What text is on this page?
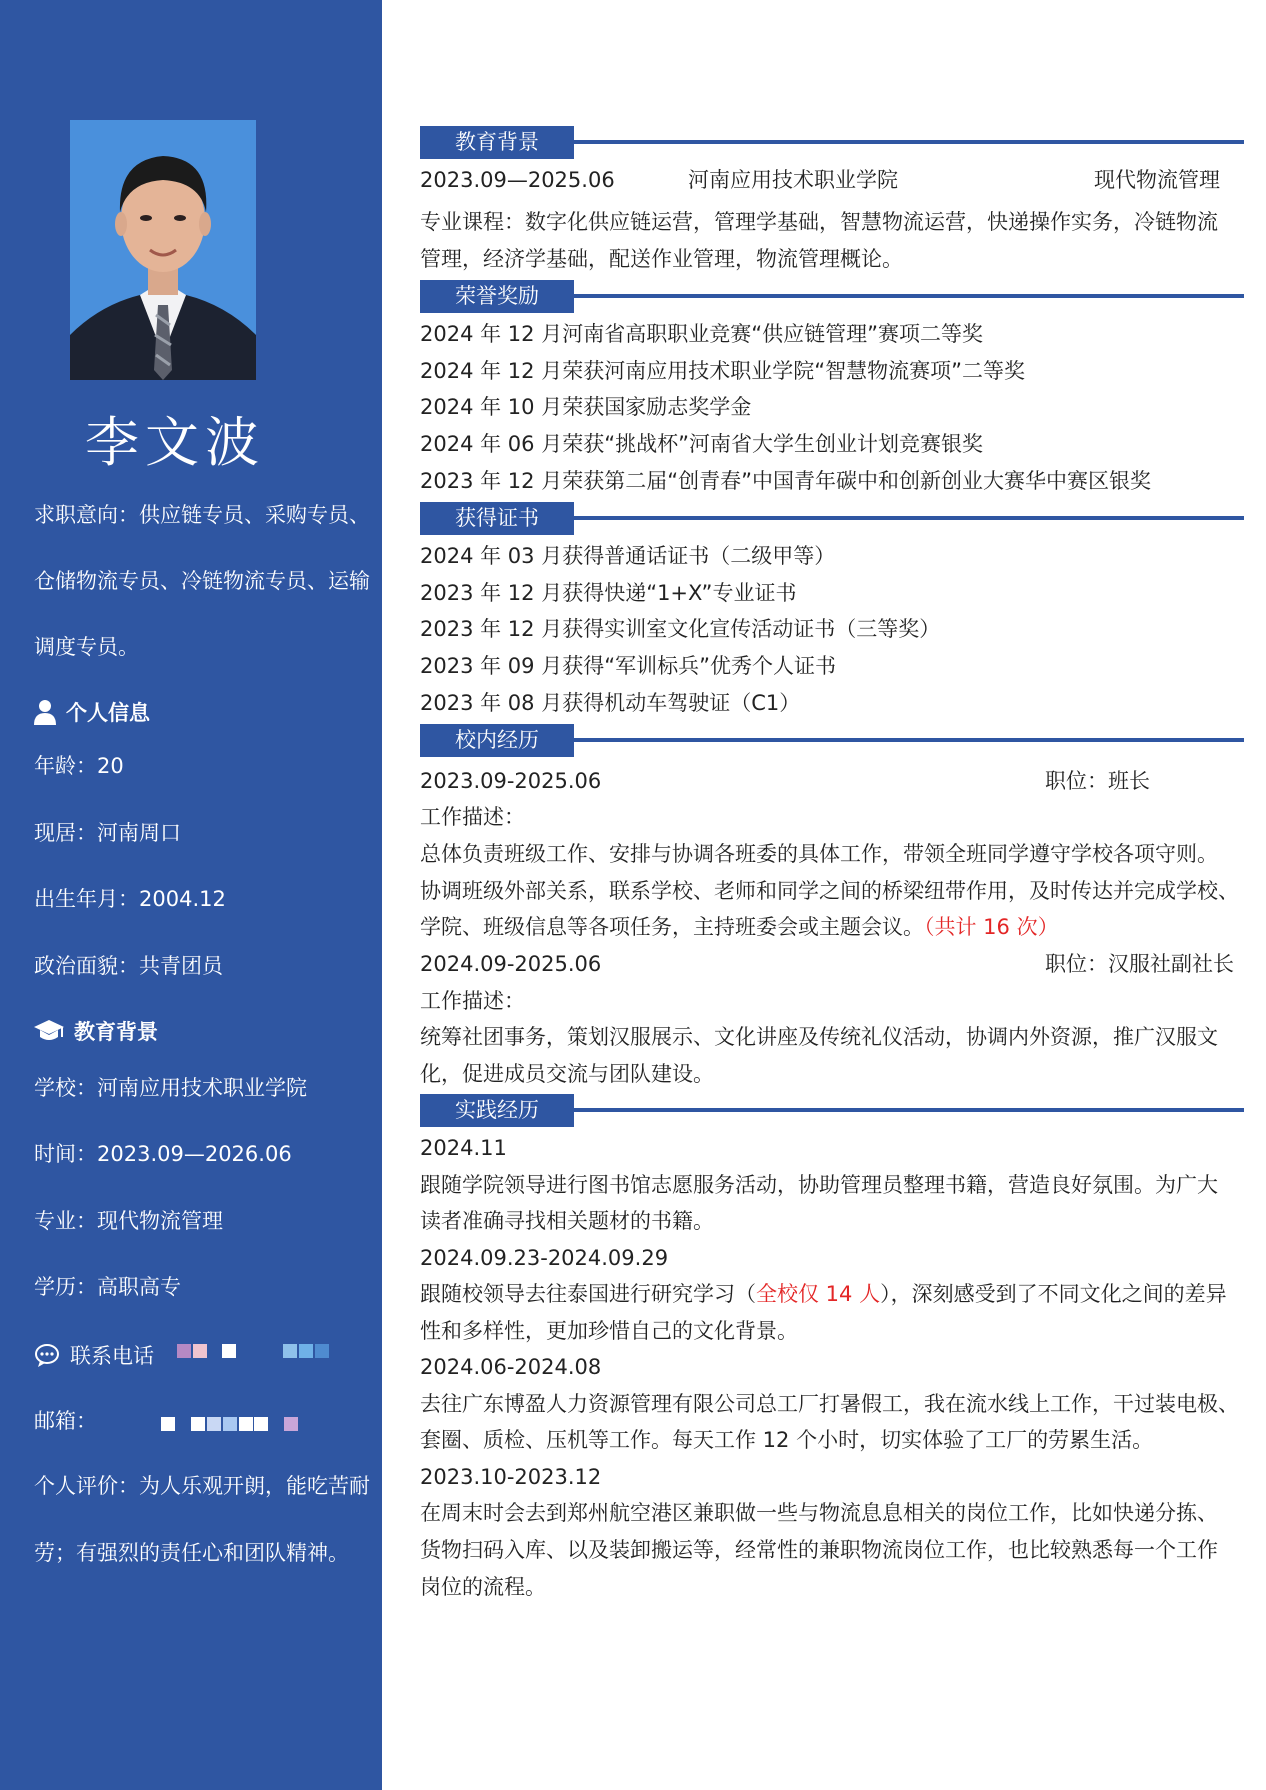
李文波
求职意向：供应链专员、采购专员、
仓储物流专员、冷链物流专员、运输
调度专员。
个人信息
年龄：20
现居：河南周口
出生年月：2004.12
政治面貌：共青团员
教育背景
学校：河南应用技术职业学院
时间：2023.09—2026.06
专业：现代物流管理
学历：高职高专
联系电话
邮箱：
个人评价：为人乐观开朗，能吃苦耐
劳；有强烈的责任心和团队精神。
教育背景
2023.09—2025.06	河南应用技术职业学院	现代物流管理
专业课程：数字化供应链运营，管理学基础，智慧物流运营，快递操作实务，冷链物流
管理，经济学基础，配送作业管理，物流管理概论。
荣誉奖励
2024 年 12 月河南省高职职业竞赛“供应链管理”赛项二等奖
2024 年 12 月荣获河南应用技术职业学院“智慧物流赛项”二等奖
2024 年 10 月荣获国家励志奖学金
2024 年 06 月荣获“挑战杯”河南省大学生创业计划竞赛银奖
2023 年 12 月荣获第二届“创青春”中国青年碳中和创新创业大赛华中赛区银奖
获得证书
2024 年 03 月获得普通话证书（二级甲等）
2023 年 12 月获得快递“1+X”专业证书
2023 年 12 月获得实训室文化宣传活动证书（三等奖）
2023 年 09 月获得“军训标兵”优秀个人证书
2023 年 08 月获得机动车驾驶证（C1）
校内经历
2023.09-2025.06	职位：班长
工作描述：
总体负责班级工作、安排与协调各班委的具体工作，带领全班同学遵守学校各项守则。
协调班级外部关系，联系学校、老师和同学之间的桥梁纽带作用，及时传达并完成学校、
学院、班级信息等各项任务，主持班委会或主题会议。（共计 16 次）
2024.09-2025.06	职位：汉服社副社长
工作描述：
统筹社团事务，策划汉服展示、文化讲座及传统礼仪活动，协调内外资源，推广汉服文
化，促进成员交流与团队建设。
实践经历
2024.11
跟随学院领导进行图书馆志愿服务活动，协助管理员整理书籍，营造良好氛围。为广大
读者准确寻找相关题材的书籍。
2024.09.23-2024.09.29
跟随校领导去往泰国进行研究学习（全校仅 14 人），深刻感受到了不同文化之间的差异
性和多样性，更加珍惜自己的文化背景。
2024.06-2024.08
去往广东博盈人力资源管理有限公司总工厂打暑假工，我在流水线上工作，干过装电极、
套圈、质检、压机等工作。每天工作 12 个小时，切实体验了工厂的劳累生活。
2023.10-2023.12
在周末时会去到郑州航空港区兼职做一些与物流息息相关的岗位工作，比如快递分拣、
货物扫码入库、以及装卸搬运等，经常性的兼职物流岗位工作，也比较熟悉每一个工作
岗位的流程。
